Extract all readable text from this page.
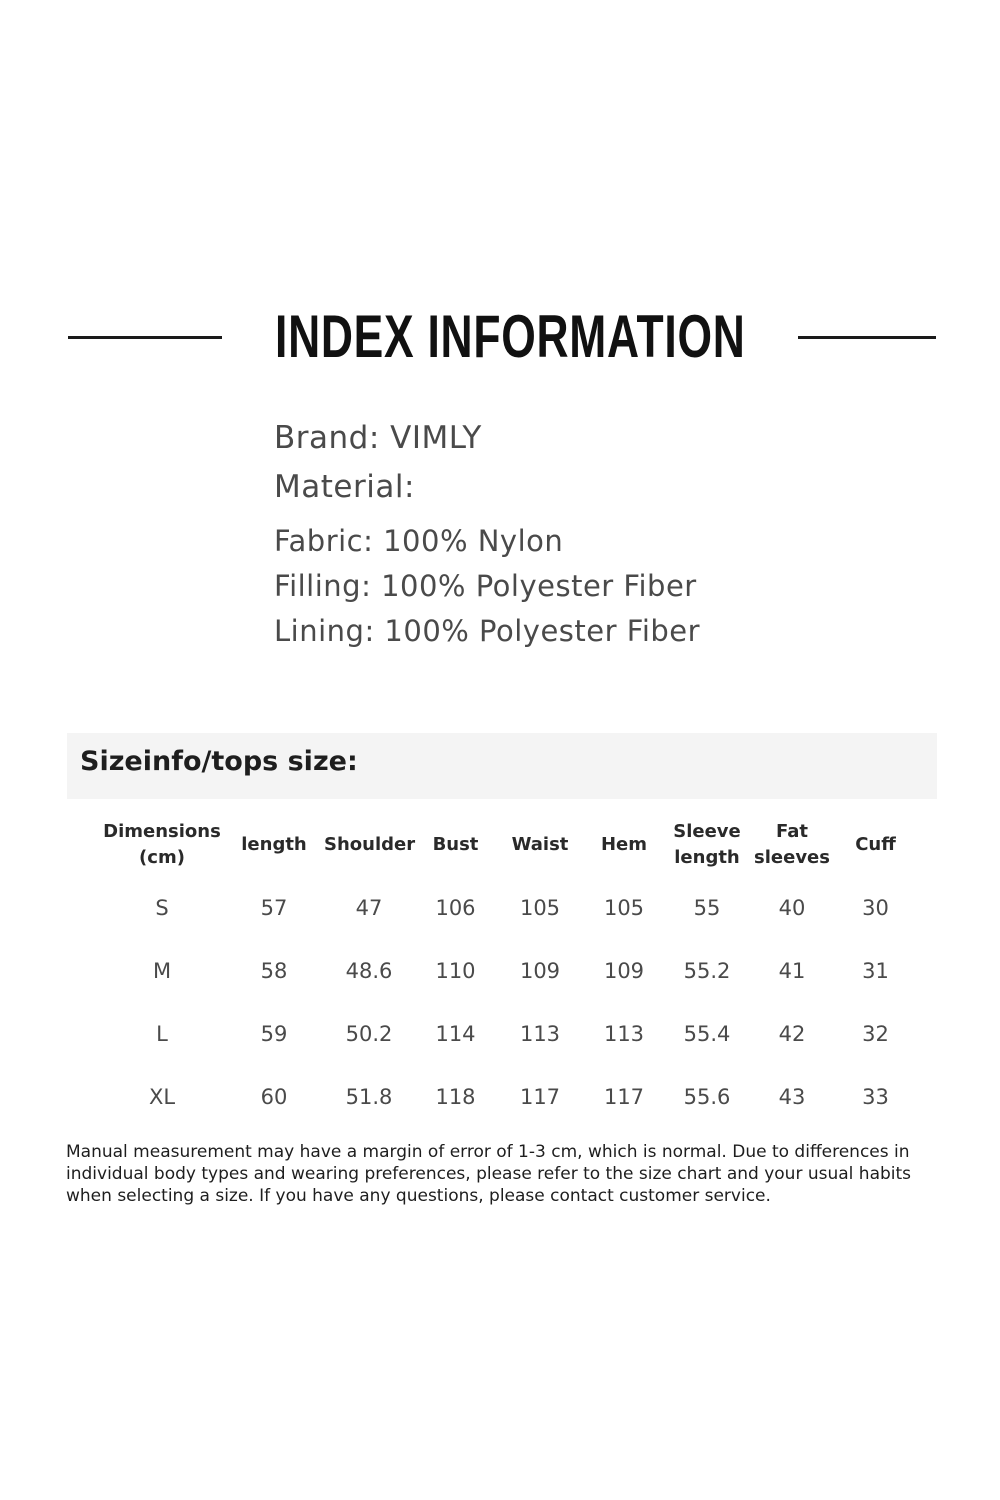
INDEX INFORMATION
Brand: VIMLY
Material:
Fabric: 100% Nylon
Filling: 100% Polyester Fiber
Lining: 100% Polyester Fiber
Sizeinfo/tops size:
Dimensions (cm)	length	Shoulder	Bust	Waist	Hem	Sleeve length	Fat sleeves	Cuff
S	57	47	106	105	105	55	40	30
M	58	48.6	110	109	109	55.2	41	31
L	59	50.2	114	113	113	55.4	42	32
XL	60	51.8	118	117	117	55.6	43	33
Manual measurement may have a margin of error of 1-3 cm, which is normal. Due to differences in individual body types and wearing preferences, please refer to the size chart and your usual habits when selecting a size. If you have any questions, please contact customer service.
